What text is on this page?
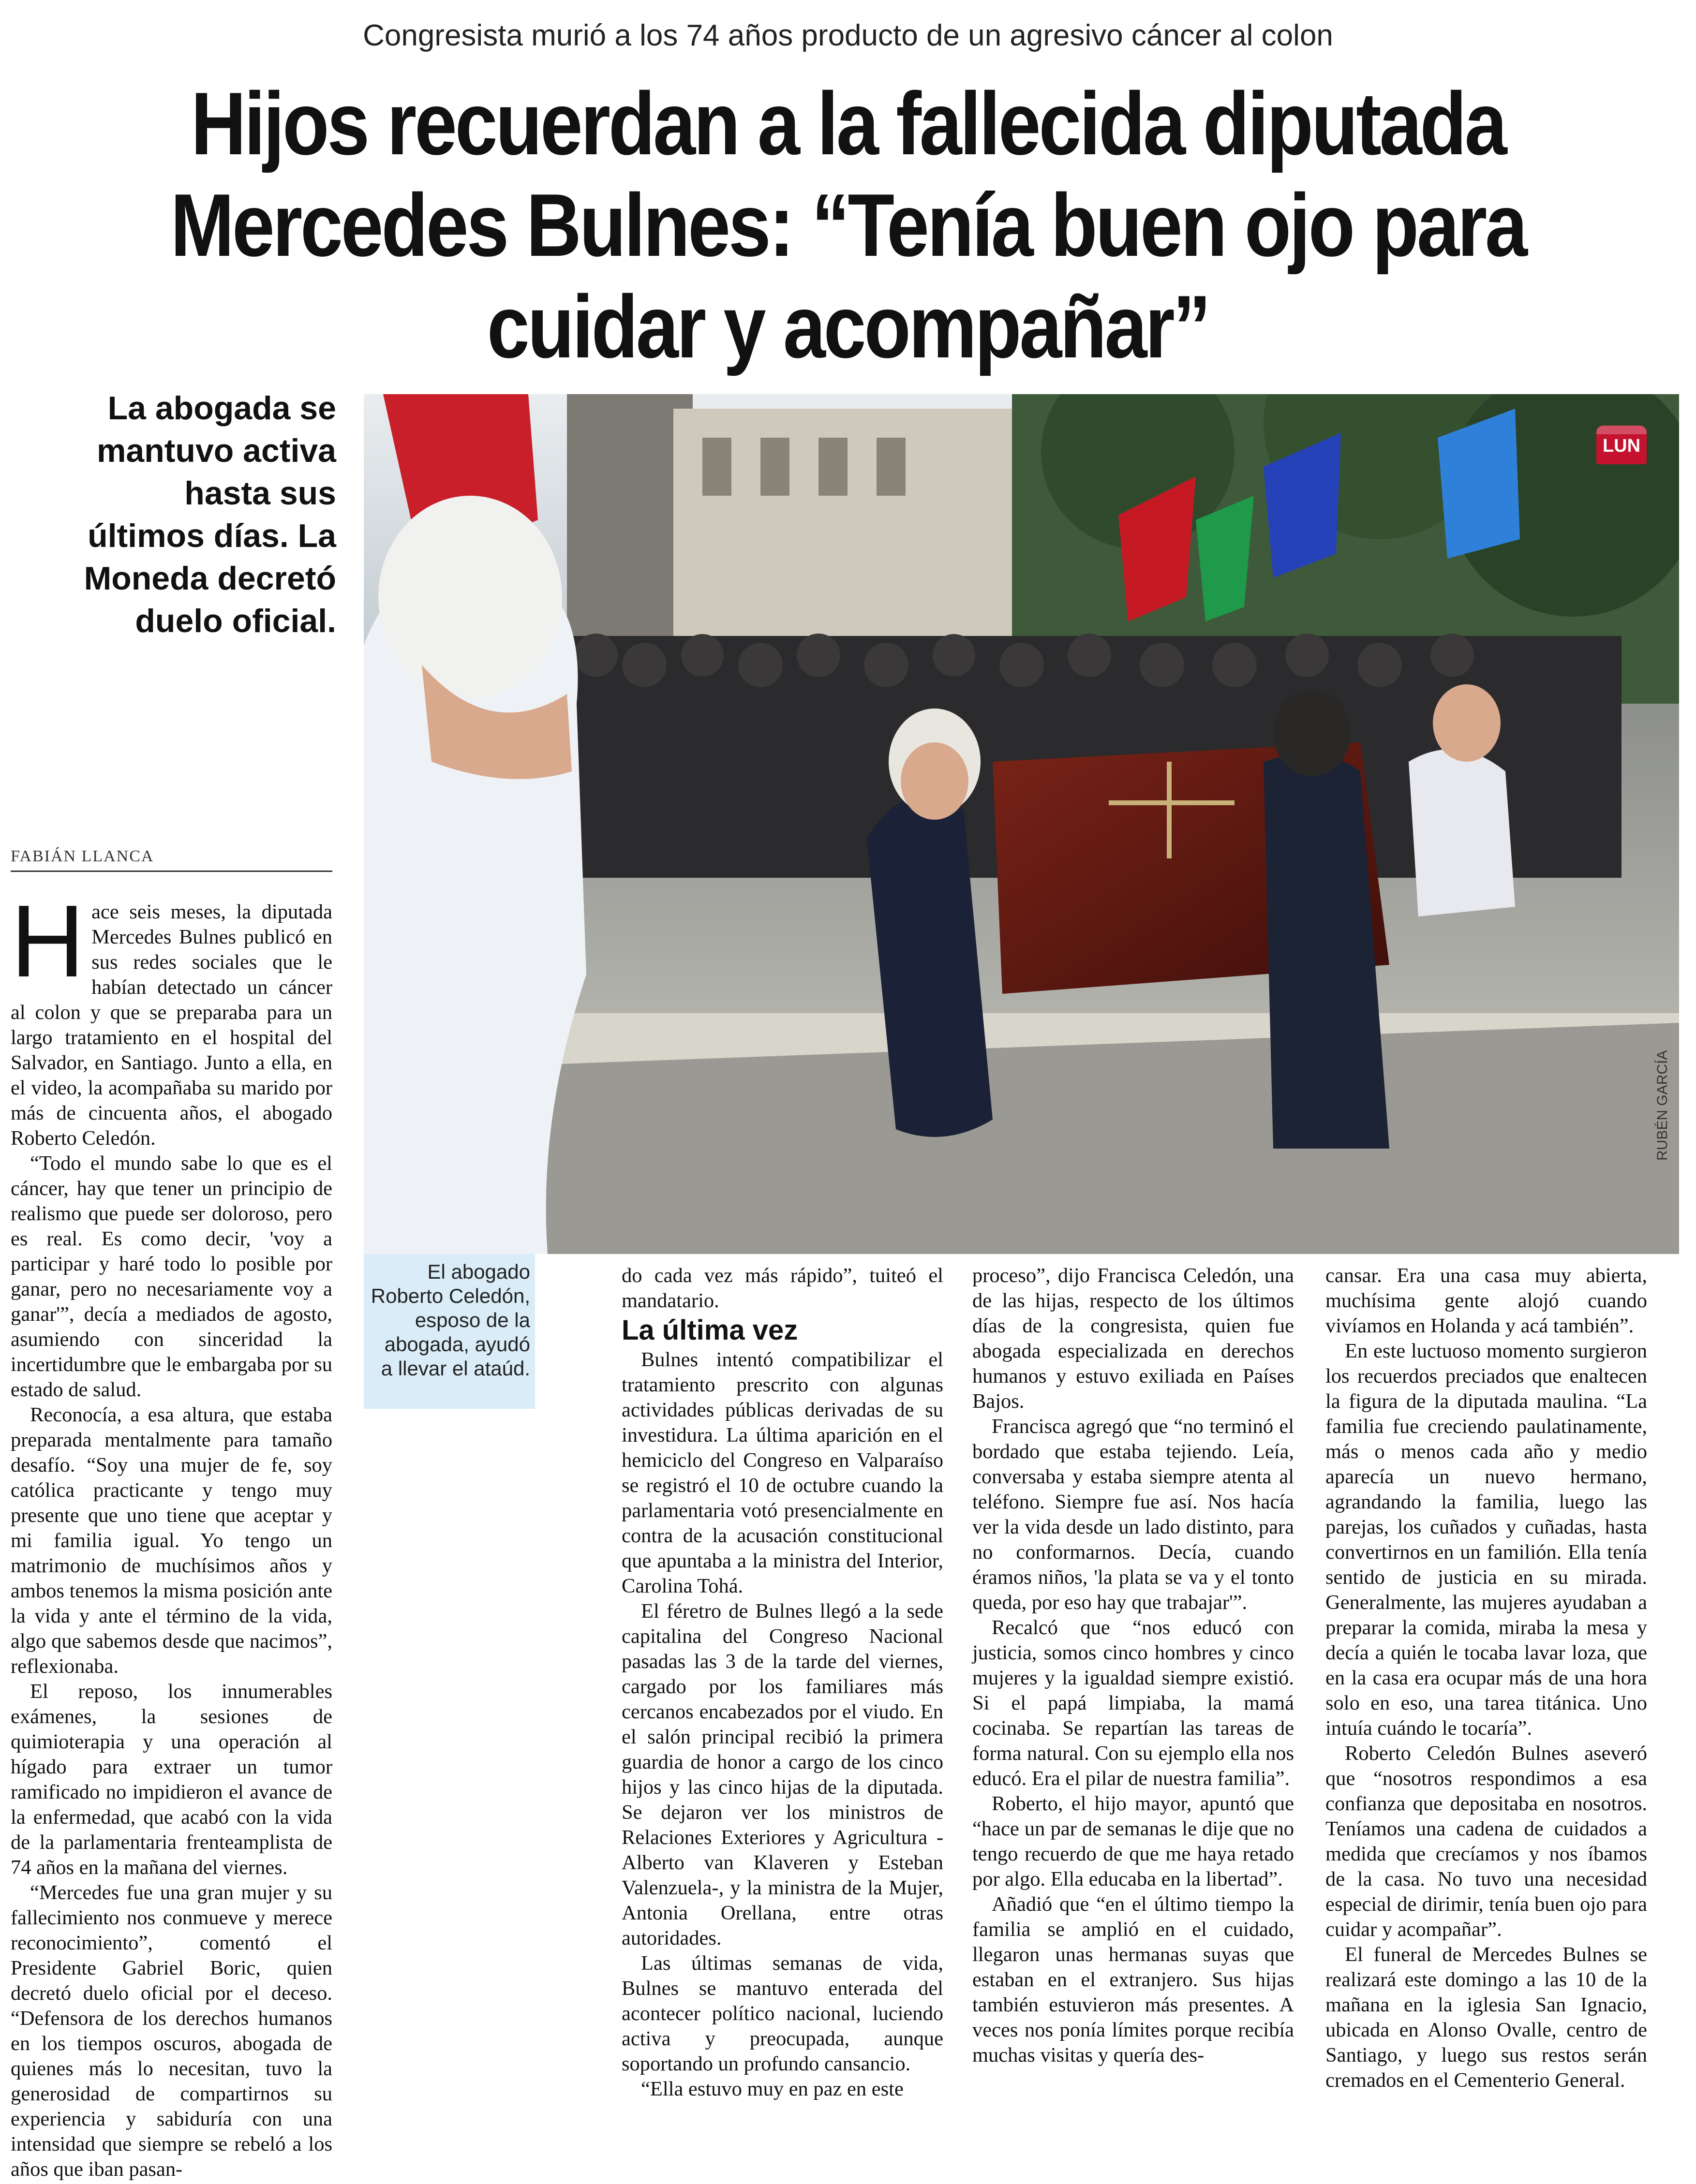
Congresista murió a los 74 años producto de un agresivo cáncer al colon
Hijos recuerdan a la fallecida diputada
Mercedes Bulnes: “Tenía buen ojo para
cuidar y acompañar”
La abogada se mantuvo activa hasta sus últimos días. La Moneda decretó duelo oficial.
FABIÁN LLANCA
LUN
RUBÉN GARCÍA
El abogado Roberto Celedón, esposo de la abogada, ayudó a llevar el ataúd.

Hace seis meses, la diputada Mercedes Bulnes publicó en sus redes sociales que le habían detectado un cáncer al colon y que se preparaba para un largo tratamiento en el hospital del Salvador, en Santiago. Junto a ella, en el video, la acompañaba su marido por más de cincuenta años, el abogado Roberto Celedón.

“Todo el mundo sabe lo que es el cáncer, hay que tener un principio de realismo que puede ser doloroso, pero es real. Es como decir, 'voy a participar y haré todo lo posible por ganar, pero no necesariamente voy a ganar'”, decía a mediados de agosto, asumiendo con sinceridad la incertidumbre que le embargaba por su estado de salud.

Reconocía, a esa altura, que estaba preparada mentalmente para tamaño desafío. “Soy una mujer de fe, soy católica practicante y tengo muy presente que uno tiene que aceptar y mi familia igual. Yo tengo un matrimonio de muchísimos años y ambos tenemos la misma posición ante la vida y ante el término de la vida, algo que sabemos desde que nacimos”, reflexionaba.

El reposo, los innumerables exámenes, la sesiones de quimioterapia y una operación al hígado para extraer un tumor ramificado no impidieron el avance de la enfermedad, que acabó con la vida de la parlamentaria frenteamplista de 74 años en la mañana del viernes.

“Mercedes fue una gran mujer y su fallecimiento nos conmueve y merece reconocimiento”, comentó el Presidente Gabriel Boric, quien decretó duelo oficial por el deceso. “Defensora de los derechos humanos en los tiempos oscuros, abogada de quienes más lo necesitan, tuvo la generosidad de compartirnos su experiencia y sabiduría con una intensidad que siempre se rebeló a los años que iban pasan-

do cada vez más rápido”, tuiteó el mandatario.

La última vez

Bulnes intentó compatibilizar el tratamiento prescrito con algunas actividades públicas derivadas de su investidura. La última aparición en el hemiciclo del Congreso en Valparaíso se registró el 10 de octubre cuando la parlamentaria votó presencialmente en contra de la acusación constitucional que apuntaba a la ministra del Interior, Carolina Tohá.

El féretro de Bulnes llegó a la sede capitalina del Congreso Nacional pasadas las 3 de la tarde del viernes, cargado por los familiares más cercanos encabezados por el viudo. En el salón principal recibió la primera guardia de honor a cargo de los cinco hijos y las cinco hijas de la diputada. Se dejaron ver los ministros de Relaciones Exteriores y Agricultura -Alberto van Klaveren y Esteban Valenzuela-, y la ministra de la Mujer, Antonia Orellana, entre otras autoridades.

Las últimas semanas de vida, Bulnes se mantuvo enterada del acontecer político nacional, luciendo activa y preocupada, aunque soportando un profundo cansancio.

“Ella estuvo muy en paz en este

proceso”, dijo Francisca Celedón, una de las hijas, respecto de los últimos días de la congresista, quien fue abogada especializada en derechos humanos y estuvo exiliada en Países Bajos.

Francisca agregó que “no terminó el bordado que estaba tejiendo. Leía, conversaba y estaba siempre atenta al teléfono. Siempre fue así. Nos hacía ver la vida desde un lado distinto, para no conformarnos. Decía, cuando éramos niños, 'la plata se va y el tonto queda, por eso hay que trabajar'”.

Recalcó que “nos educó con justicia, somos cinco hombres y cinco mujeres y la igualdad siempre existió. Si el papá limpiaba, la mamá cocinaba. Se repartían las tareas de forma natural. Con su ejemplo ella nos educó. Era el pilar de nuestra familia”.

Roberto, el hijo mayor, apuntó que “hace un par de semanas le dije que no tengo recuerdo de que me haya retado por algo. Ella educaba en la libertad”.

Añadió que “en el último tiempo la familia se amplió en el cuidado, llegaron unas hermanas suyas que estaban en el extranjero. Sus hijas también estuvieron más presentes. A veces nos ponía límites porque recibía muchas visitas y quería des-

cansar. Era una casa muy abierta, muchísima gente alojó cuando vivíamos en Holanda y acá también”.

En este luctuoso momento surgieron los recuerdos preciados que enaltecen la figura de la diputada maulina. “La familia fue creciendo paulatinamente, más o menos cada año y medio aparecía un nuevo hermano, agrandando la familia, luego las parejas, los cuñados y cuñadas, hasta convertirnos en un familión. Ella tenía sentido de justicia en su mirada. Generalmente, las mujeres ayudaban a preparar la comida, miraba la mesa y decía a quién le tocaba lavar loza, que en la casa era ocupar más de una hora solo en eso, una tarea titánica. Uno intuía cuándo le tocaría”.

Roberto Celedón Bulnes aseveró que “nosotros respondimos a esa confianza que depositaba en nosotros. Teníamos una cadena de cuidados a medida que crecíamos y nos íbamos de la casa. No tuvo una necesidad especial de dirimir, tenía buen ojo para cuidar y acompañar”.

El funeral de Mercedes Bulnes se realizará este domingo a las 10 de la mañana en la iglesia San Ignacio, ubicada en Alonso Ovalle, centro de Santiago, y luego sus restos serán cremados en el Cementerio General.
